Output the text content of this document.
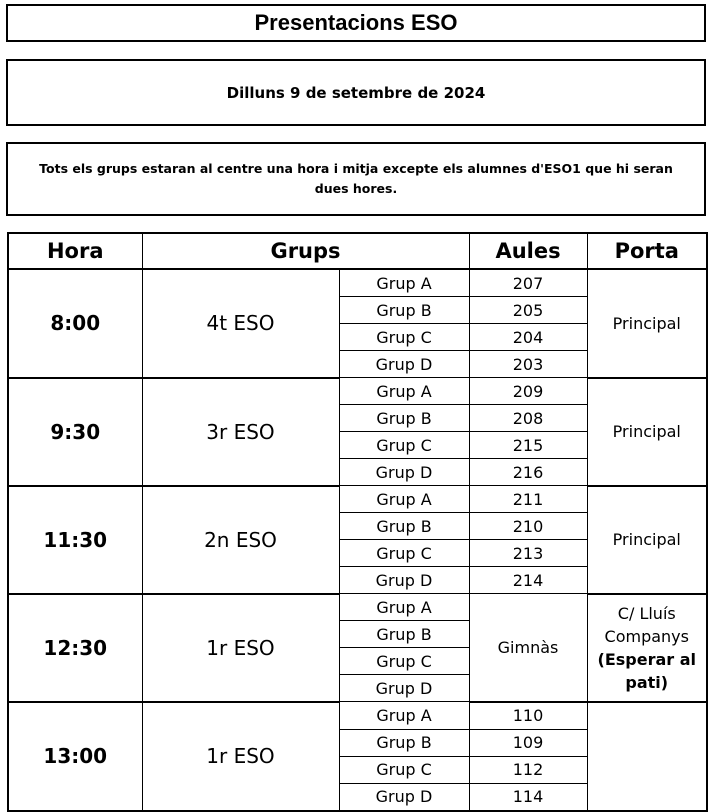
Presentacions ESO
Dilluns 9 de setembre de 2024
Tots els grups estaran al centre una hora i mitja excepte els alumnes d'ESO1 que hi seran dues hores.
Hora	Grups		Aules	Porta
8:00	4t ESO	Grup A	207	Principal
		Grup B	205	
		Grup C	204	
		Grup D	203	
9:30	3r ESO	Grup A	209	Principal
		Grup B	208	
		Grup C	215	
		Grup D	216	
11:30	2n ESO	Grup A	211	Principal
		Grup B	210	
		Grup C	213	
		Grup D	214	
12:30	1r ESO	Grup A	Gimnàs	C/ Lluís
Companys
(Esperar al pati)

		Grup B		
		Grup C		
		Grup D		
13:00	1r ESO	Grup A	110	
		Grup B	109	
		Grup C	112	
		Grup D	114	
